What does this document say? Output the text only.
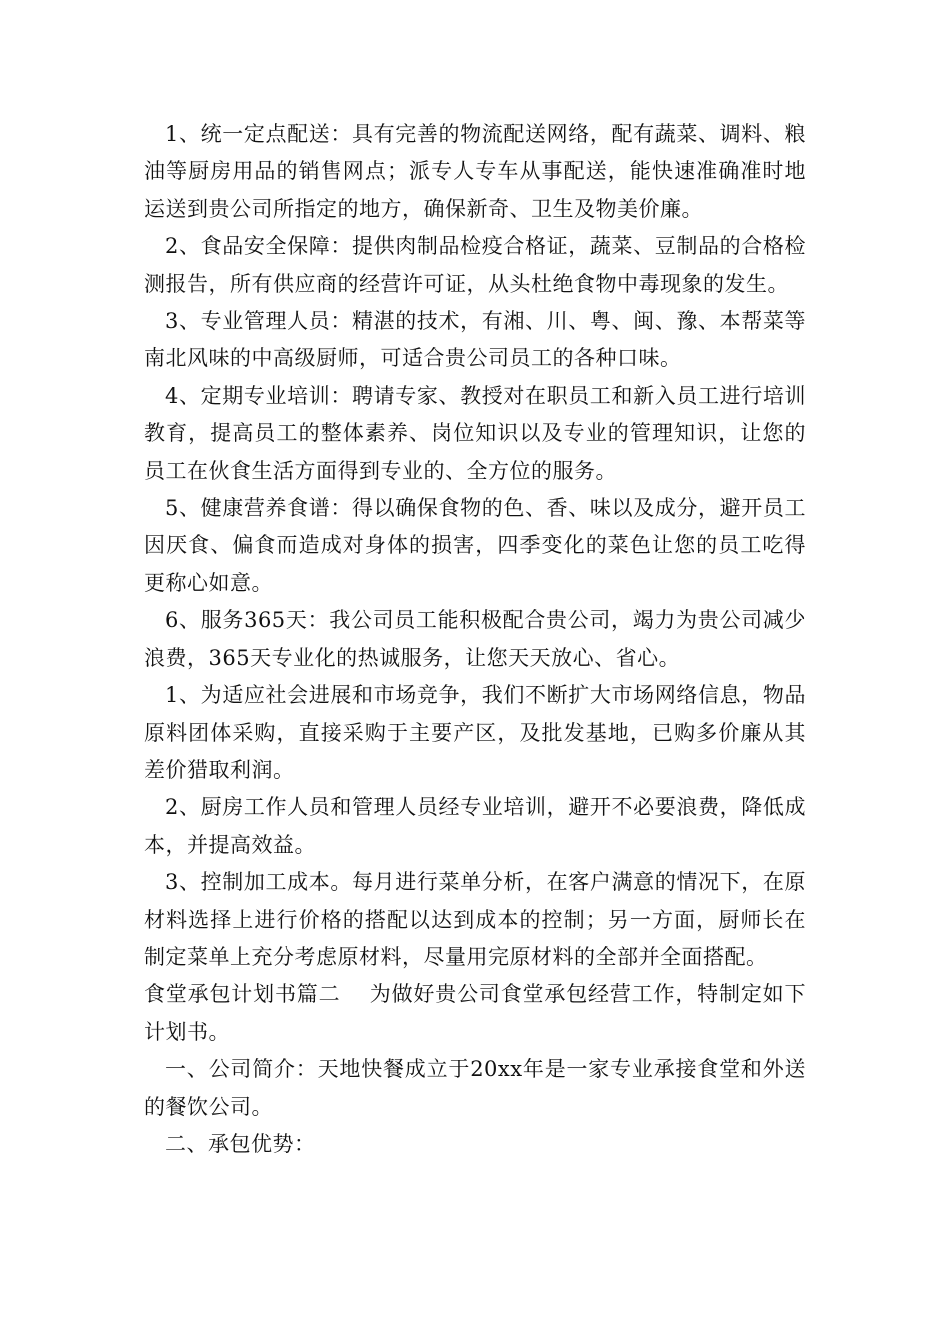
1、统一定点配送：具有完善的物流配送网络，配有蔬菜、调料、粮油等厨房用品的销售网点；派专人专车从事配送，能快速准确准时地运送到贵公司所指定的地方，确保新奇、卫生及物美价廉。

2、食品安全保障：提供肉制品检疫合格证，蔬菜、豆制品的合格检测报告，所有供应商的经营许可证，从头杜绝食物中毒现象的发生。

3、专业管理人员：精湛的技术，有湘、川、粤、闽、豫、本帮菜等南北风味的中高级厨师，可适合贵公司员工的各种口味。

4、定期专业培训：聘请专家、教授对在职员工和新入员工进行培训教育，提高员工的整体素养、岗位知识以及专业的管理知识，让您的员工在伙食生活方面得到专业的、全方位的服务。

5、健康营养食谱：得以确保食物的色、香、味以及成分，避开员工因厌食、偏食而造成对身体的损害，四季变化的菜色让您的员工吃得更称心如意。

6、服务365天：我公司员工能积极配合贵公司，竭力为贵公司减少浪费，365天专业化的热诚服务，让您天天放心、省心。

1、为适应社会进展和市场竞争，我们不断扩大市场网络信息，物品原料团体采购，直接采购于主要产区，及批发基地，已购多价廉从其差价猎取利润。

2、厨房工作人员和管理人员经专业培训，避开不必要浪费，降低成本，并提高效益。

3、控制加工成本。每月进行菜单分析，在客户满意的情况下，在原材料选择上进行价格的搭配以达到成本的控制；另一方面，厨师长在制定菜单上充分考虑原材料，尽量用完原材料的全部并全面搭配。

食堂承包计划书篇二　 为做好贵公司食堂承包经营工作，特制定如下计划书。

一、公司简介：天地快餐成立于20xx年是一家专业承接食堂和外送的餐饮公司。

二、承包优势：
